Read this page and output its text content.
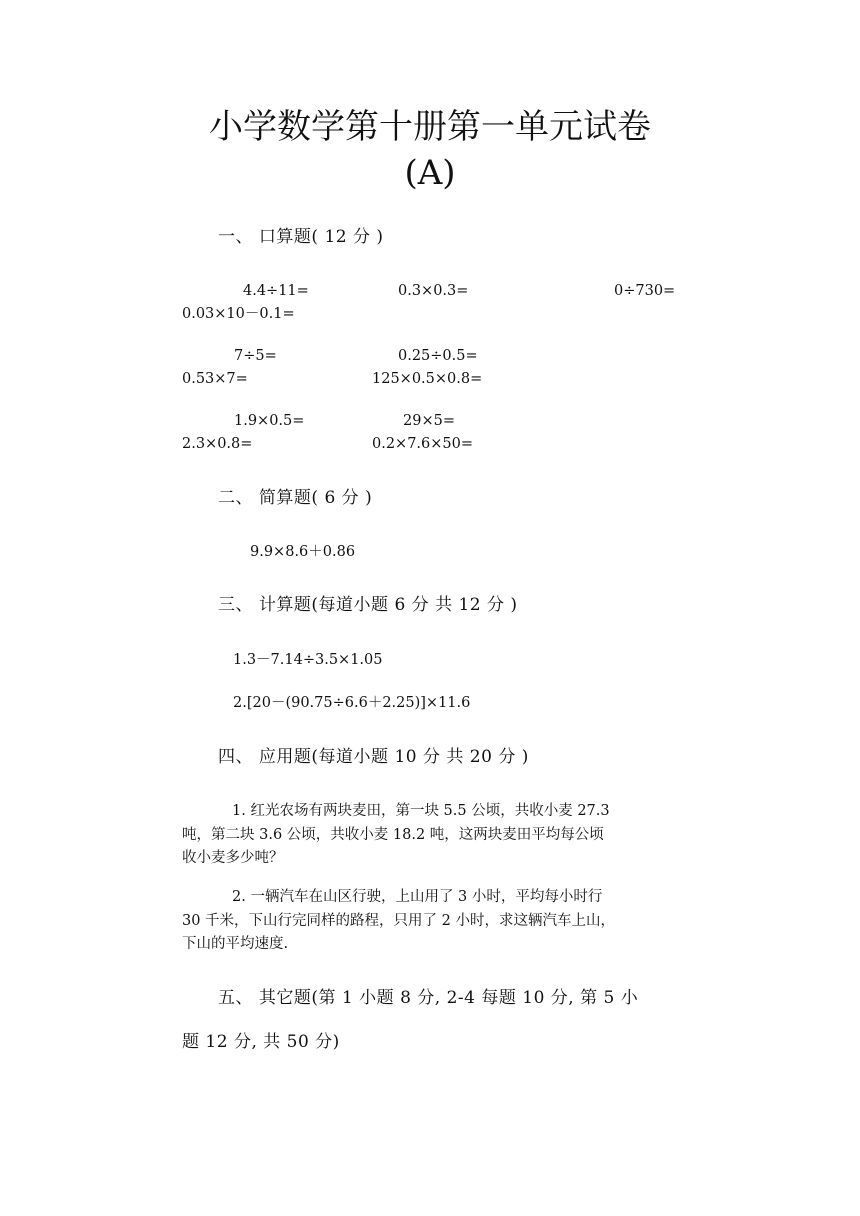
小学数学第十册第一单元试卷
(A)
一、 口算题( 12 分 )
4.4÷11=	0.3×0.3=	0÷730=
0.03×10－0.1=
7÷5=	0.25÷0.5=
0.53×7=	125×0.5×0.8=
1.9×0.5=	29×5=
2.3×0.8=	0.2×7.6×50=
二、 简算题( 6 分 )
9.9×8.6＋0.86
三、 计算题(每道小题 6 分 共 12 分 )
1.3－7.14÷3.5×1.05
2.[20－(90.75÷6.6＋2.25)]×11.6
四、 应用题(每道小题 10 分 共 20 分 )

1. 红光农场有两块麦田，第一块 5.5 公顷，共收小麦 27.3

吨，第二块 3.6 公顷，共收小麦 18.2 吨，这两块麦田平均每公顷

收小麦多少吨？

2. 一辆汽车在山区行驶，上山用了 3 小时，平均每小时行

30 千米，下山行完同样的路程，只用了 2 小时，求这辆汽车上山，

下山的平均速度.

五、 其它题(第 1 小题 8 分, 2-4 每题 10 分, 第 5 小
题 12 分, 共 50 分)
